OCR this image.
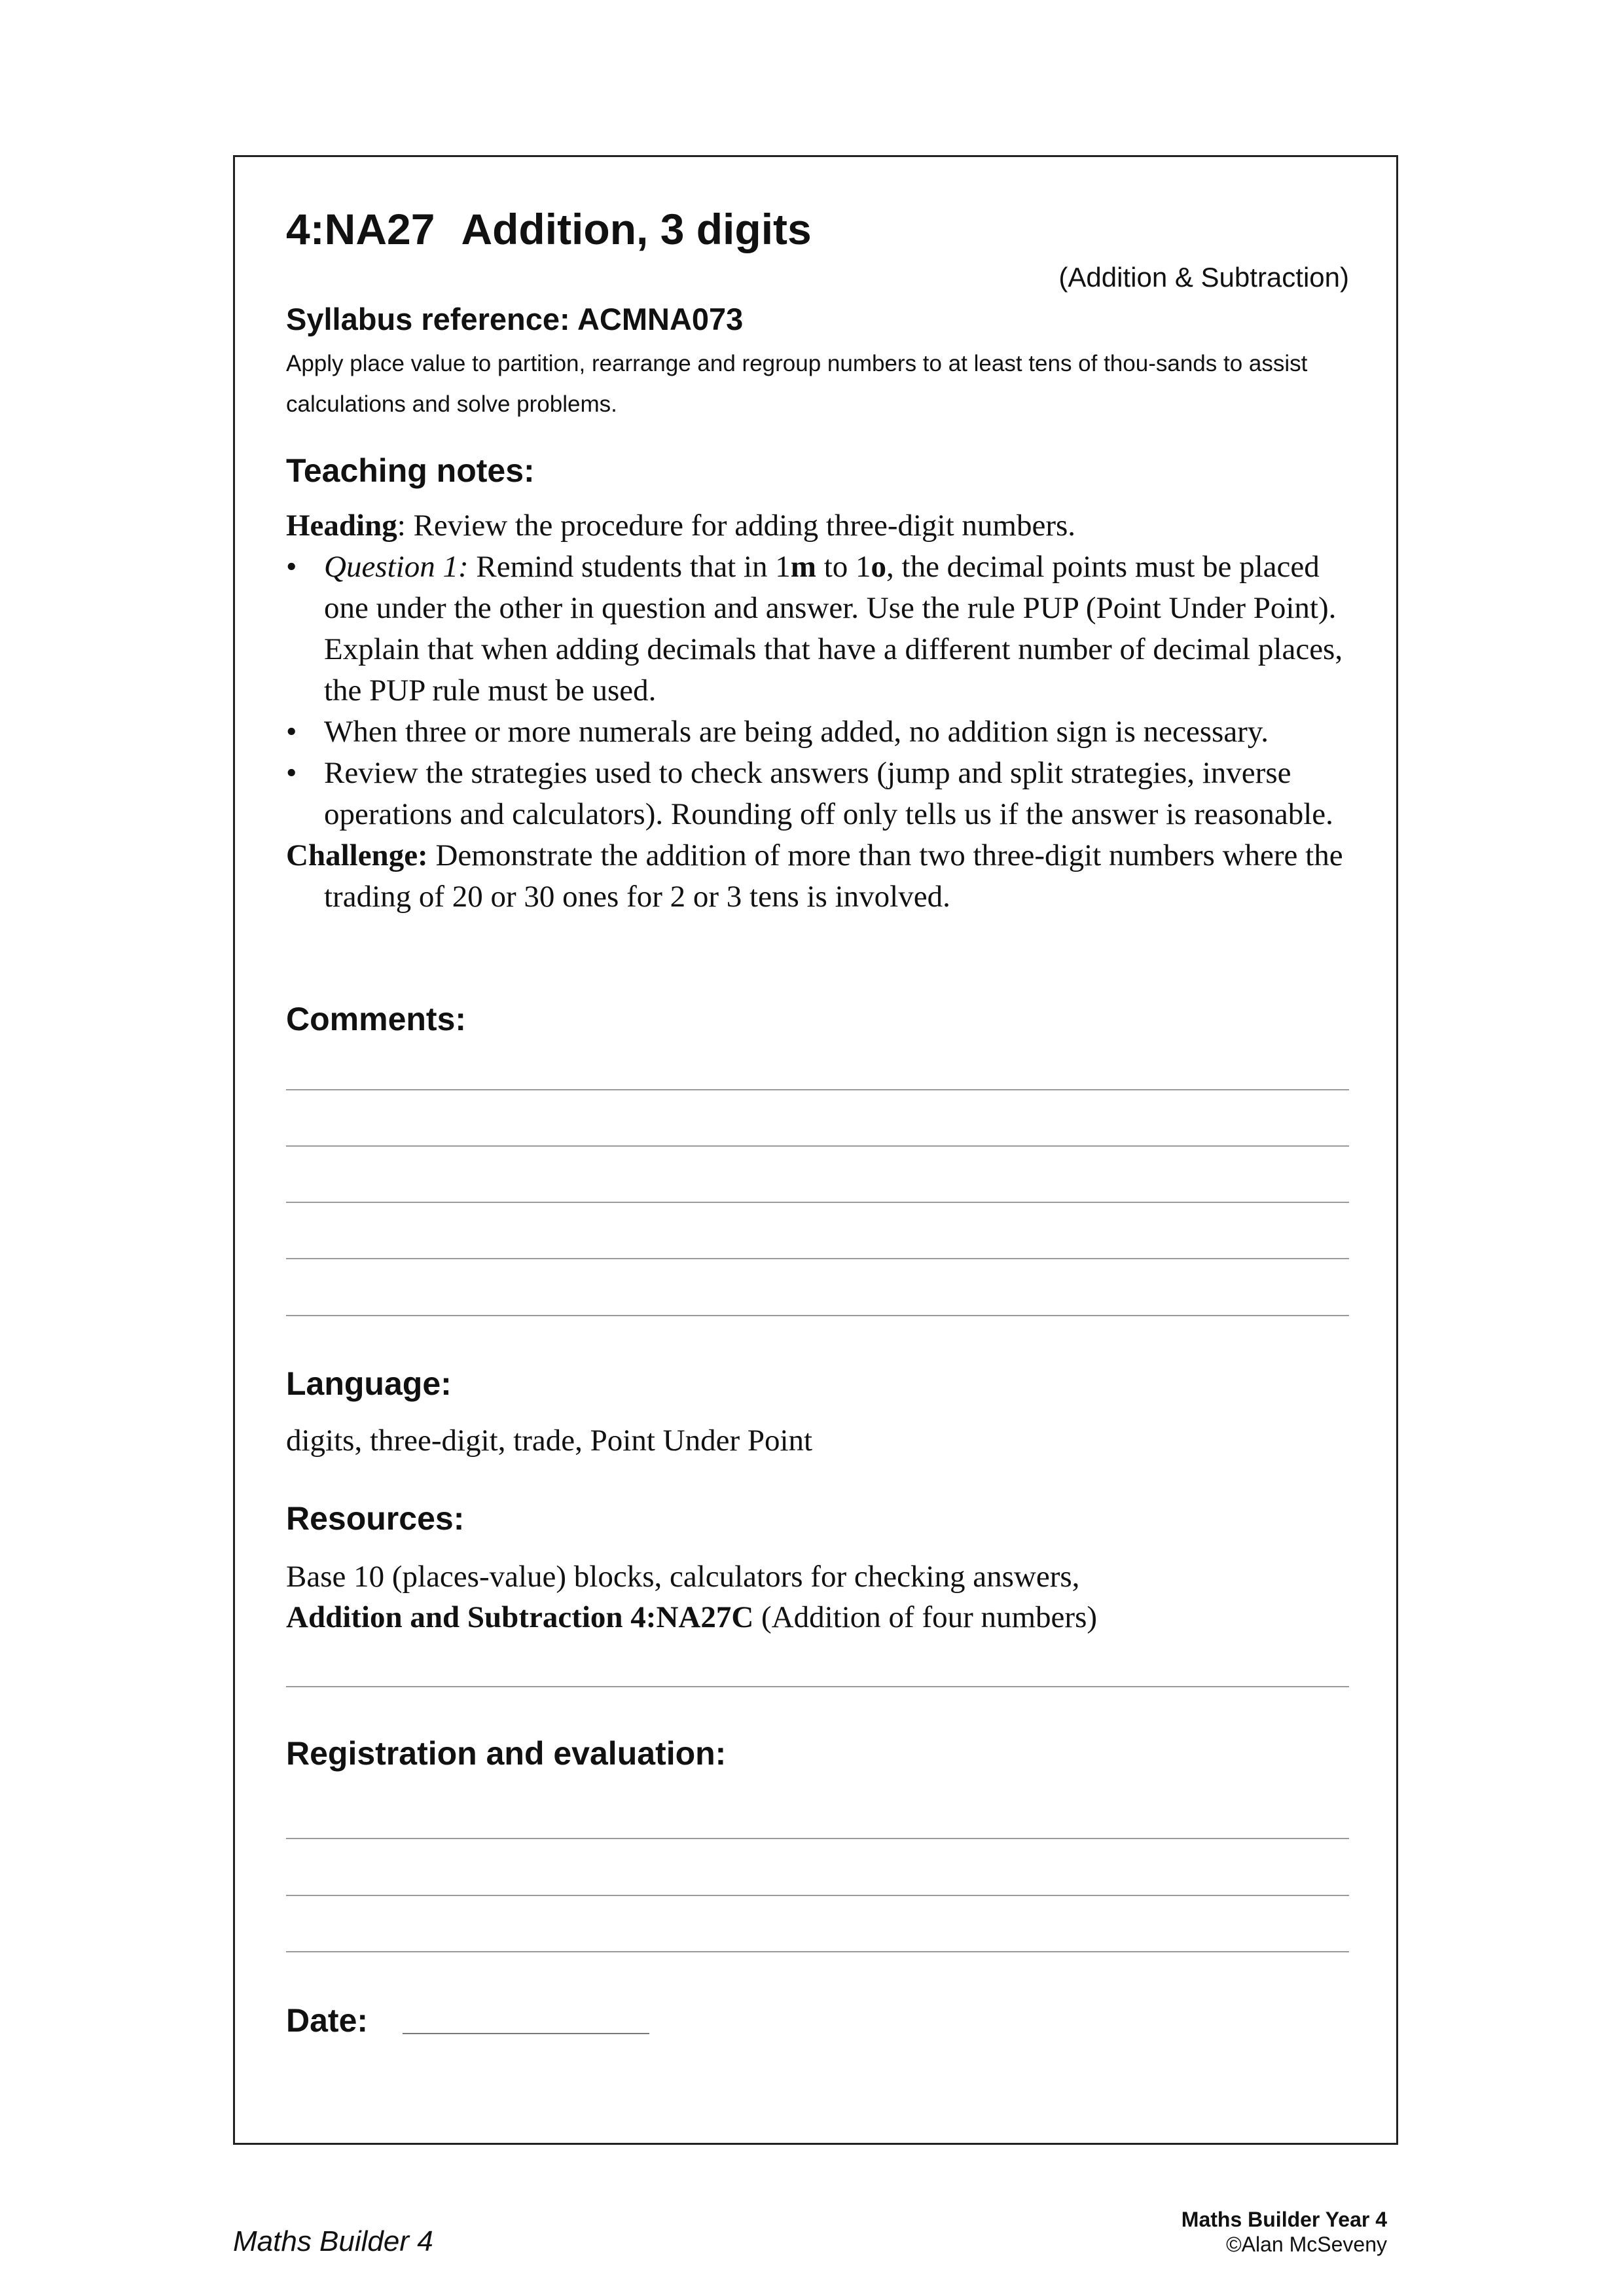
4:NA27 Addition, 3 digits
(Addition & Subtraction)
Syllabus reference: ACMNA073
Apply place value to partition, rearrange and regroup numbers to at least tens of thou-sands to assist calculations and solve problems.
Teaching notes:

Heading: Review the procedure for adding three-digit numbers.

• Question 1: Remind students that in 1m to 1o, the decimal points must be placed one under the other in question and answer. Use the rule PUP (Point Under Point). Explain that when adding decimals that have a different number of decimal places, the PUP rule must be used.

• When three or more numerals are being added, no addition sign is necessary.

• Review the strategies used to check answers (jump and split strategies, inverse operations and calculators). Rounding off only tells us if the answer is reasonable.

Challenge: Demonstrate the addition of more than two three-digit numbers where the trading of 20 or 30 ones for 2 or 3 tens is involved.

Comments:
Language:
digits, three-digit, trade, Point Under Point
Resources:
Base 10 (places-value) blocks, calculators for checking answers,
Addition and Subtraction 4:NA27C (Addition of four numbers)
Registration and evaluation:
Date:
Maths Builder 4
Maths Builder Year 4
©Alan McSeveny
